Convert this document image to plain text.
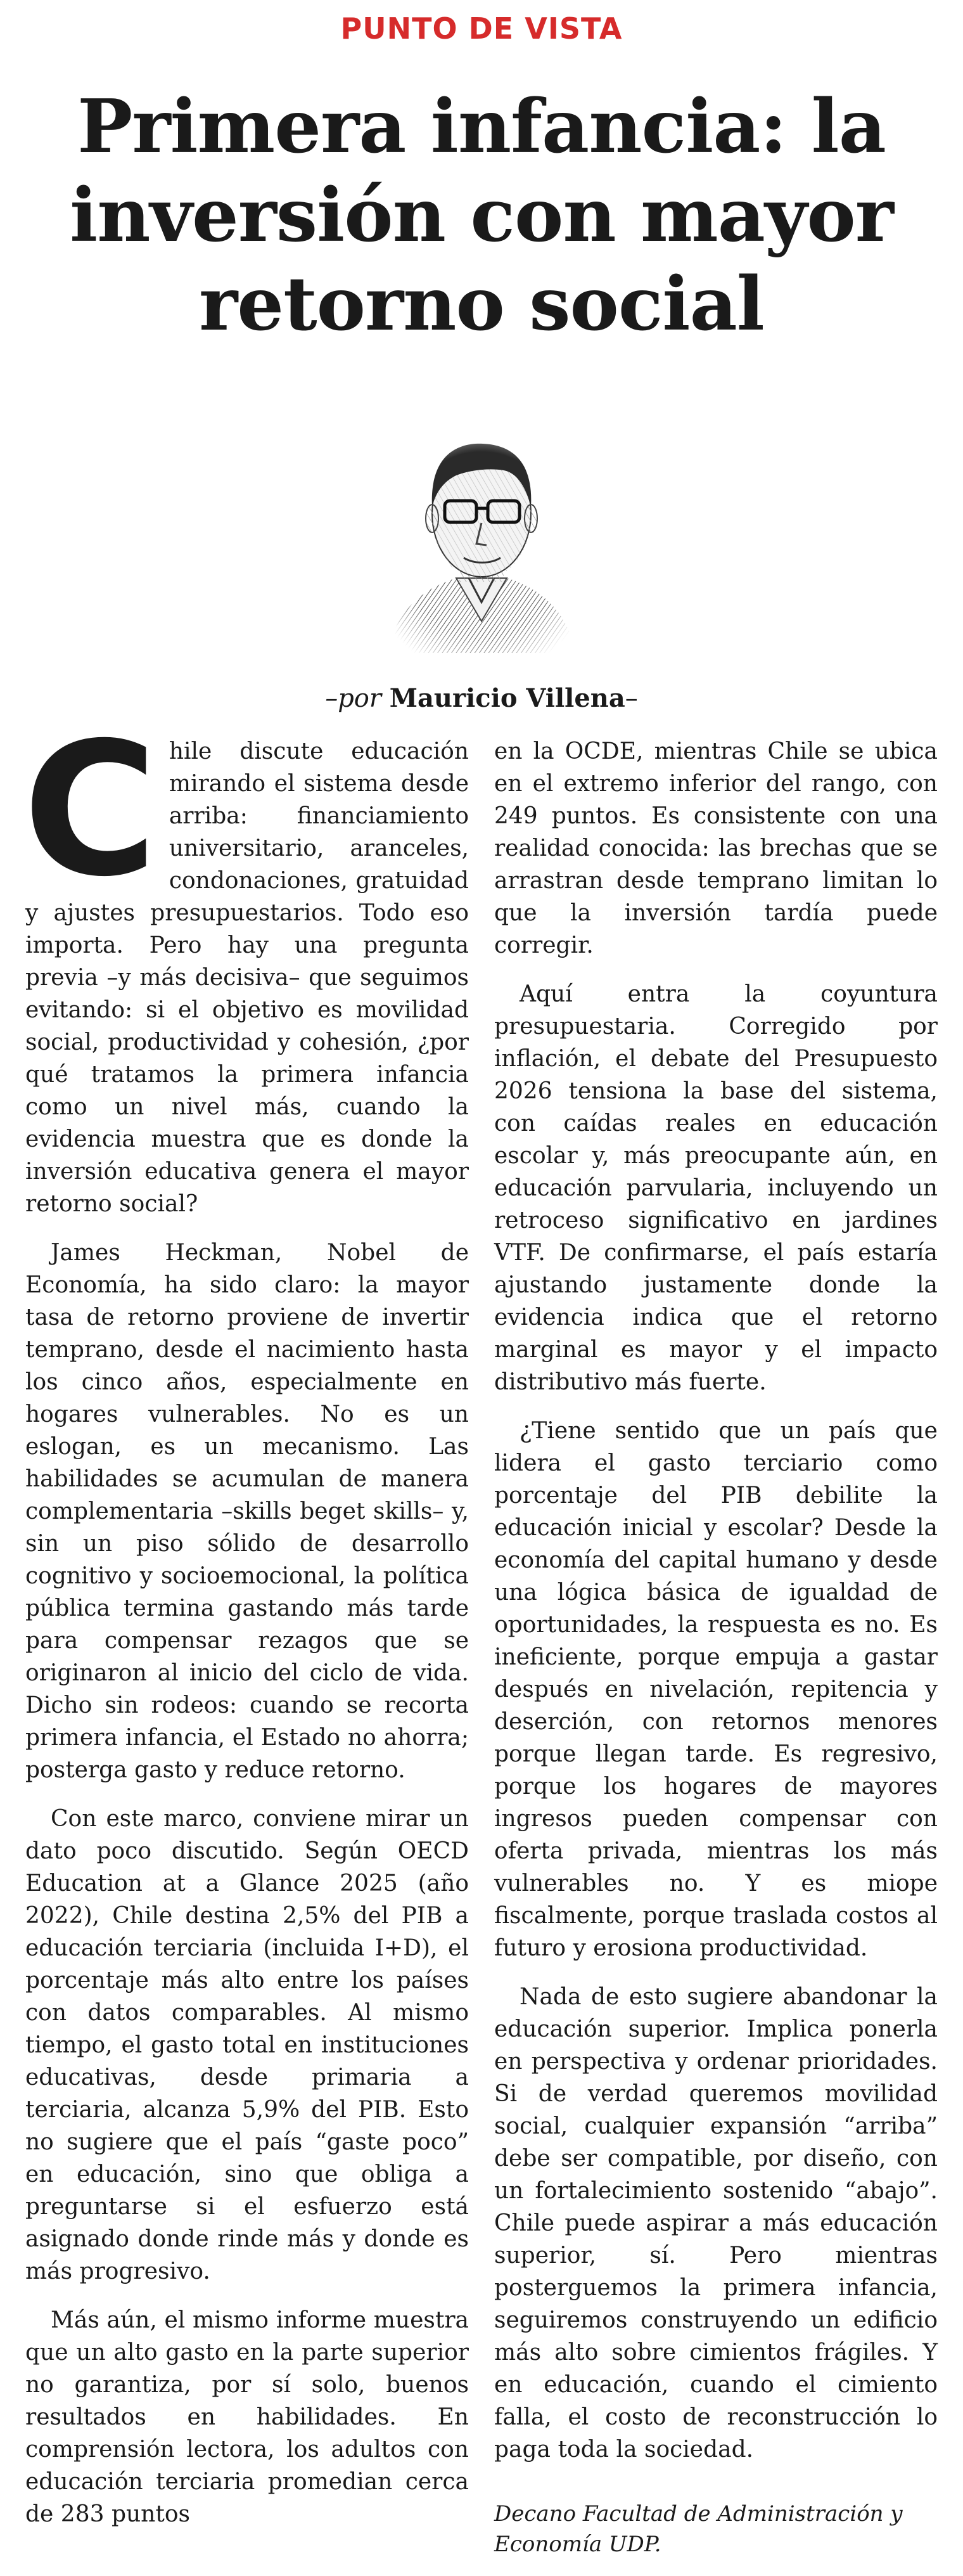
PUNTO DE VISTA
Primera infancia: la inversión con mayor retorno social
–por Mauricio Villena–

Chile discute educación mirando el sistema desde arriba: financiamiento universitario, aranceles, condonaciones, gratuidad y ajustes presupuestarios. Todo eso importa. Pero hay una pregunta previa –y más decisiva– que seguimos evitando: si el objetivo es movilidad social, productividad y cohesión, ¿por qué tratamos la primera infancia como un nivel más, cuando la evidencia muestra que es donde la inversión educativa genera el mayor retorno social?

James Heckman, Nobel de Economía, ha sido claro: la mayor tasa de retorno proviene de invertir temprano, desde el nacimiento hasta los cinco años, especialmente en hogares vulnerables. No es un eslogan, es un mecanismo. Las habilidades se acumulan de manera complementaria –skills beget skills– y, sin un piso sólido de desarrollo cognitivo y socioemocional, la política pública termina gastando más tarde para compensar rezagos que se originaron al inicio del ciclo de vida. Dicho sin rodeos: cuando se recorta primera infancia, el Estado no ahorra; posterga gasto y reduce retorno.

Con este marco, conviene mirar un dato poco discutido. Según OECD Education at a Glance 2025 (año 2022), Chile destina 2,5% del PIB a educación terciaria (incluida I+D), el porcentaje más alto entre los países con datos comparables. Al mismo tiempo, el gasto total en instituciones educativas, desde primaria a terciaria, alcanza 5,9% del PIB. Esto no sugiere que el país “gaste poco” en educación, sino que obliga a preguntarse si el esfuerzo está asignado donde rinde más y donde es más progresivo.

Más aún, el mismo informe muestra que un alto gasto en la parte superior no garantiza, por sí solo, buenos resultados en habilidades. En comprensión lectora, los adultos con educación terciaria promedian cerca de 283 puntos

en la OCDE, mientras Chile se ubica en el extremo inferior del rango, con 249 puntos. Es consistente con una realidad conocida: las brechas que se arrastran desde temprano limitan lo que la inversión tardía puede corregir.

Aquí entra la coyuntura presupuestaria. Corregido por inflación, el debate del Presupuesto 2026 tensiona la base del sistema, con caídas reales en educación escolar y, más preocupante aún, en educación parvularia, incluyendo un retroceso significativo en jardines VTF. De confirmarse, el país estaría ajustando justamente donde la evidencia indica que el retorno marginal es mayor y el impacto distributivo más fuerte.

¿Tiene sentido que un país que lidera el gasto terciario como porcentaje del PIB debilite la educación inicial y escolar? Desde la economía del capital humano y desde una lógica básica de igualdad de oportunidades, la respuesta es no. Es ineficiente, porque empuja a gastar después en nivelación, repitencia y deserción, con retornos menores porque llegan tarde. Es regresivo, porque los hogares de mayores ingresos pueden compensar con oferta privada, mientras los más vulnerables no. Y es miope fiscalmente, porque traslada costos al futuro y erosiona productividad.

Nada de esto sugiere abandonar la educación superior. Implica ponerla en perspectiva y ordenar prioridades. Si de verdad queremos movilidad social, cualquier expansión “arriba” debe ser compatible, por diseño, con un fortalecimiento sostenido “abajo”. Chile puede aspirar a más educación superior, sí. Pero mientras posterguemos la primera infancia, seguiremos construyendo un edificio más alto sobre cimientos frágiles. Y en educación, cuando el cimiento falla, el costo de reconstrucción lo paga toda la sociedad.

Decano Facultad de Administración y Economía UDP.
